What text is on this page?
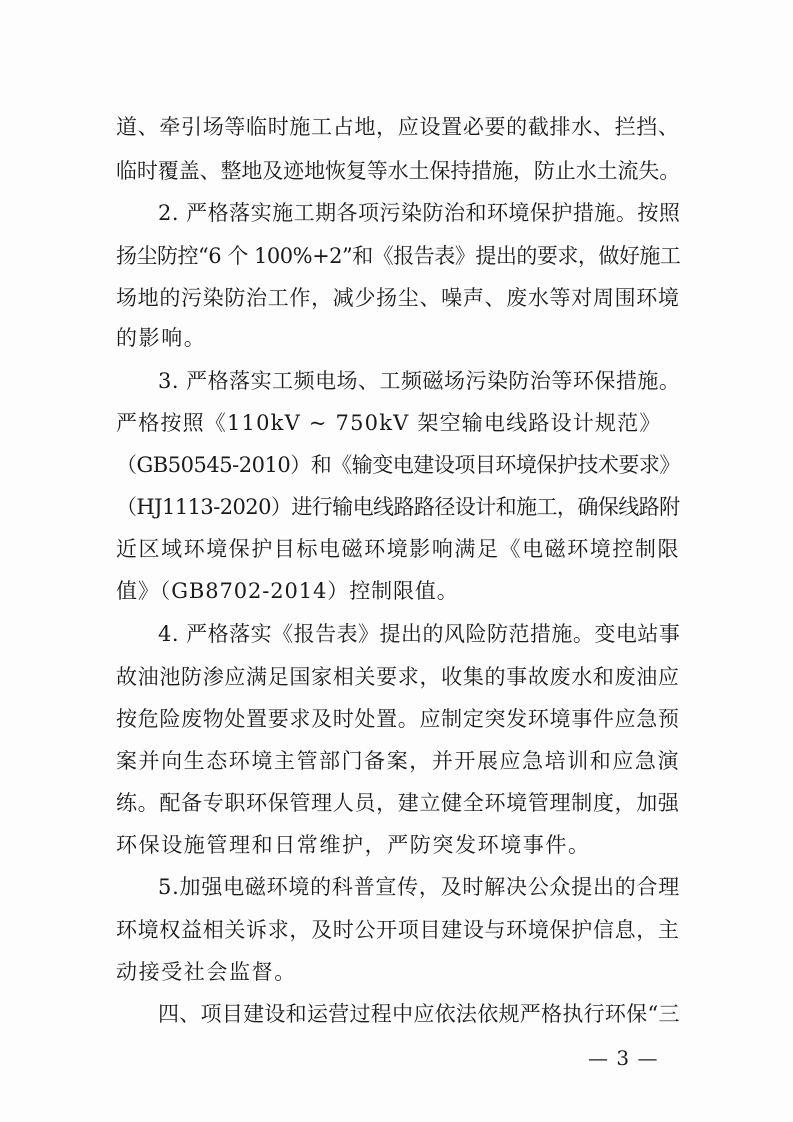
道、牵引场等临时施工占地，应设置必要的截排水、拦挡、
临时覆盖、整地及迹地恢复等水土保持措施，防止水土流失。
2. 严格落实施工期各项污染防治和环境保护措施。按照
扬尘防控“6 个 100%+2”和《报告表》提出的要求，做好施工
场地的污染防治工作，减少扬尘、噪声、废水等对周围环境
的影响。
3. 严格落实工频电场、工频磁场污染防治等环保措施。
严格按照《110kV ~ 750kV 架空输电线路设计规范》
（GB50545-2010）和《输变电建设项目环境保护技术要求》
（HJ1113-2020）进行输电线路路径设计和施工，确保线路附
近区域环境保护目标电磁环境影响满足《电磁环境控制限
值》（GB8702-2014）控制限值。
4. 严格落实《报告表》提出的风险防范措施。变电站事
故油池防渗应满足国家相关要求，收集的事故废水和废油应
按危险废物处置要求及时处置。应制定突发环境事件应急预
案并向生态环境主管部门备案，并开展应急培训和应急演
练。配备专职环保管理人员，建立健全环境管理制度，加强
环保设施管理和日常维护，严防突发环境事件。
5.加强电磁环境的科普宣传，及时解决公众提出的合理
环境权益相关诉求，及时公开项目建设与环境保护信息，主
动接受社会监督。
四、项目建设和运营过程中应依法依规严格执行环保“三
— 3 —
